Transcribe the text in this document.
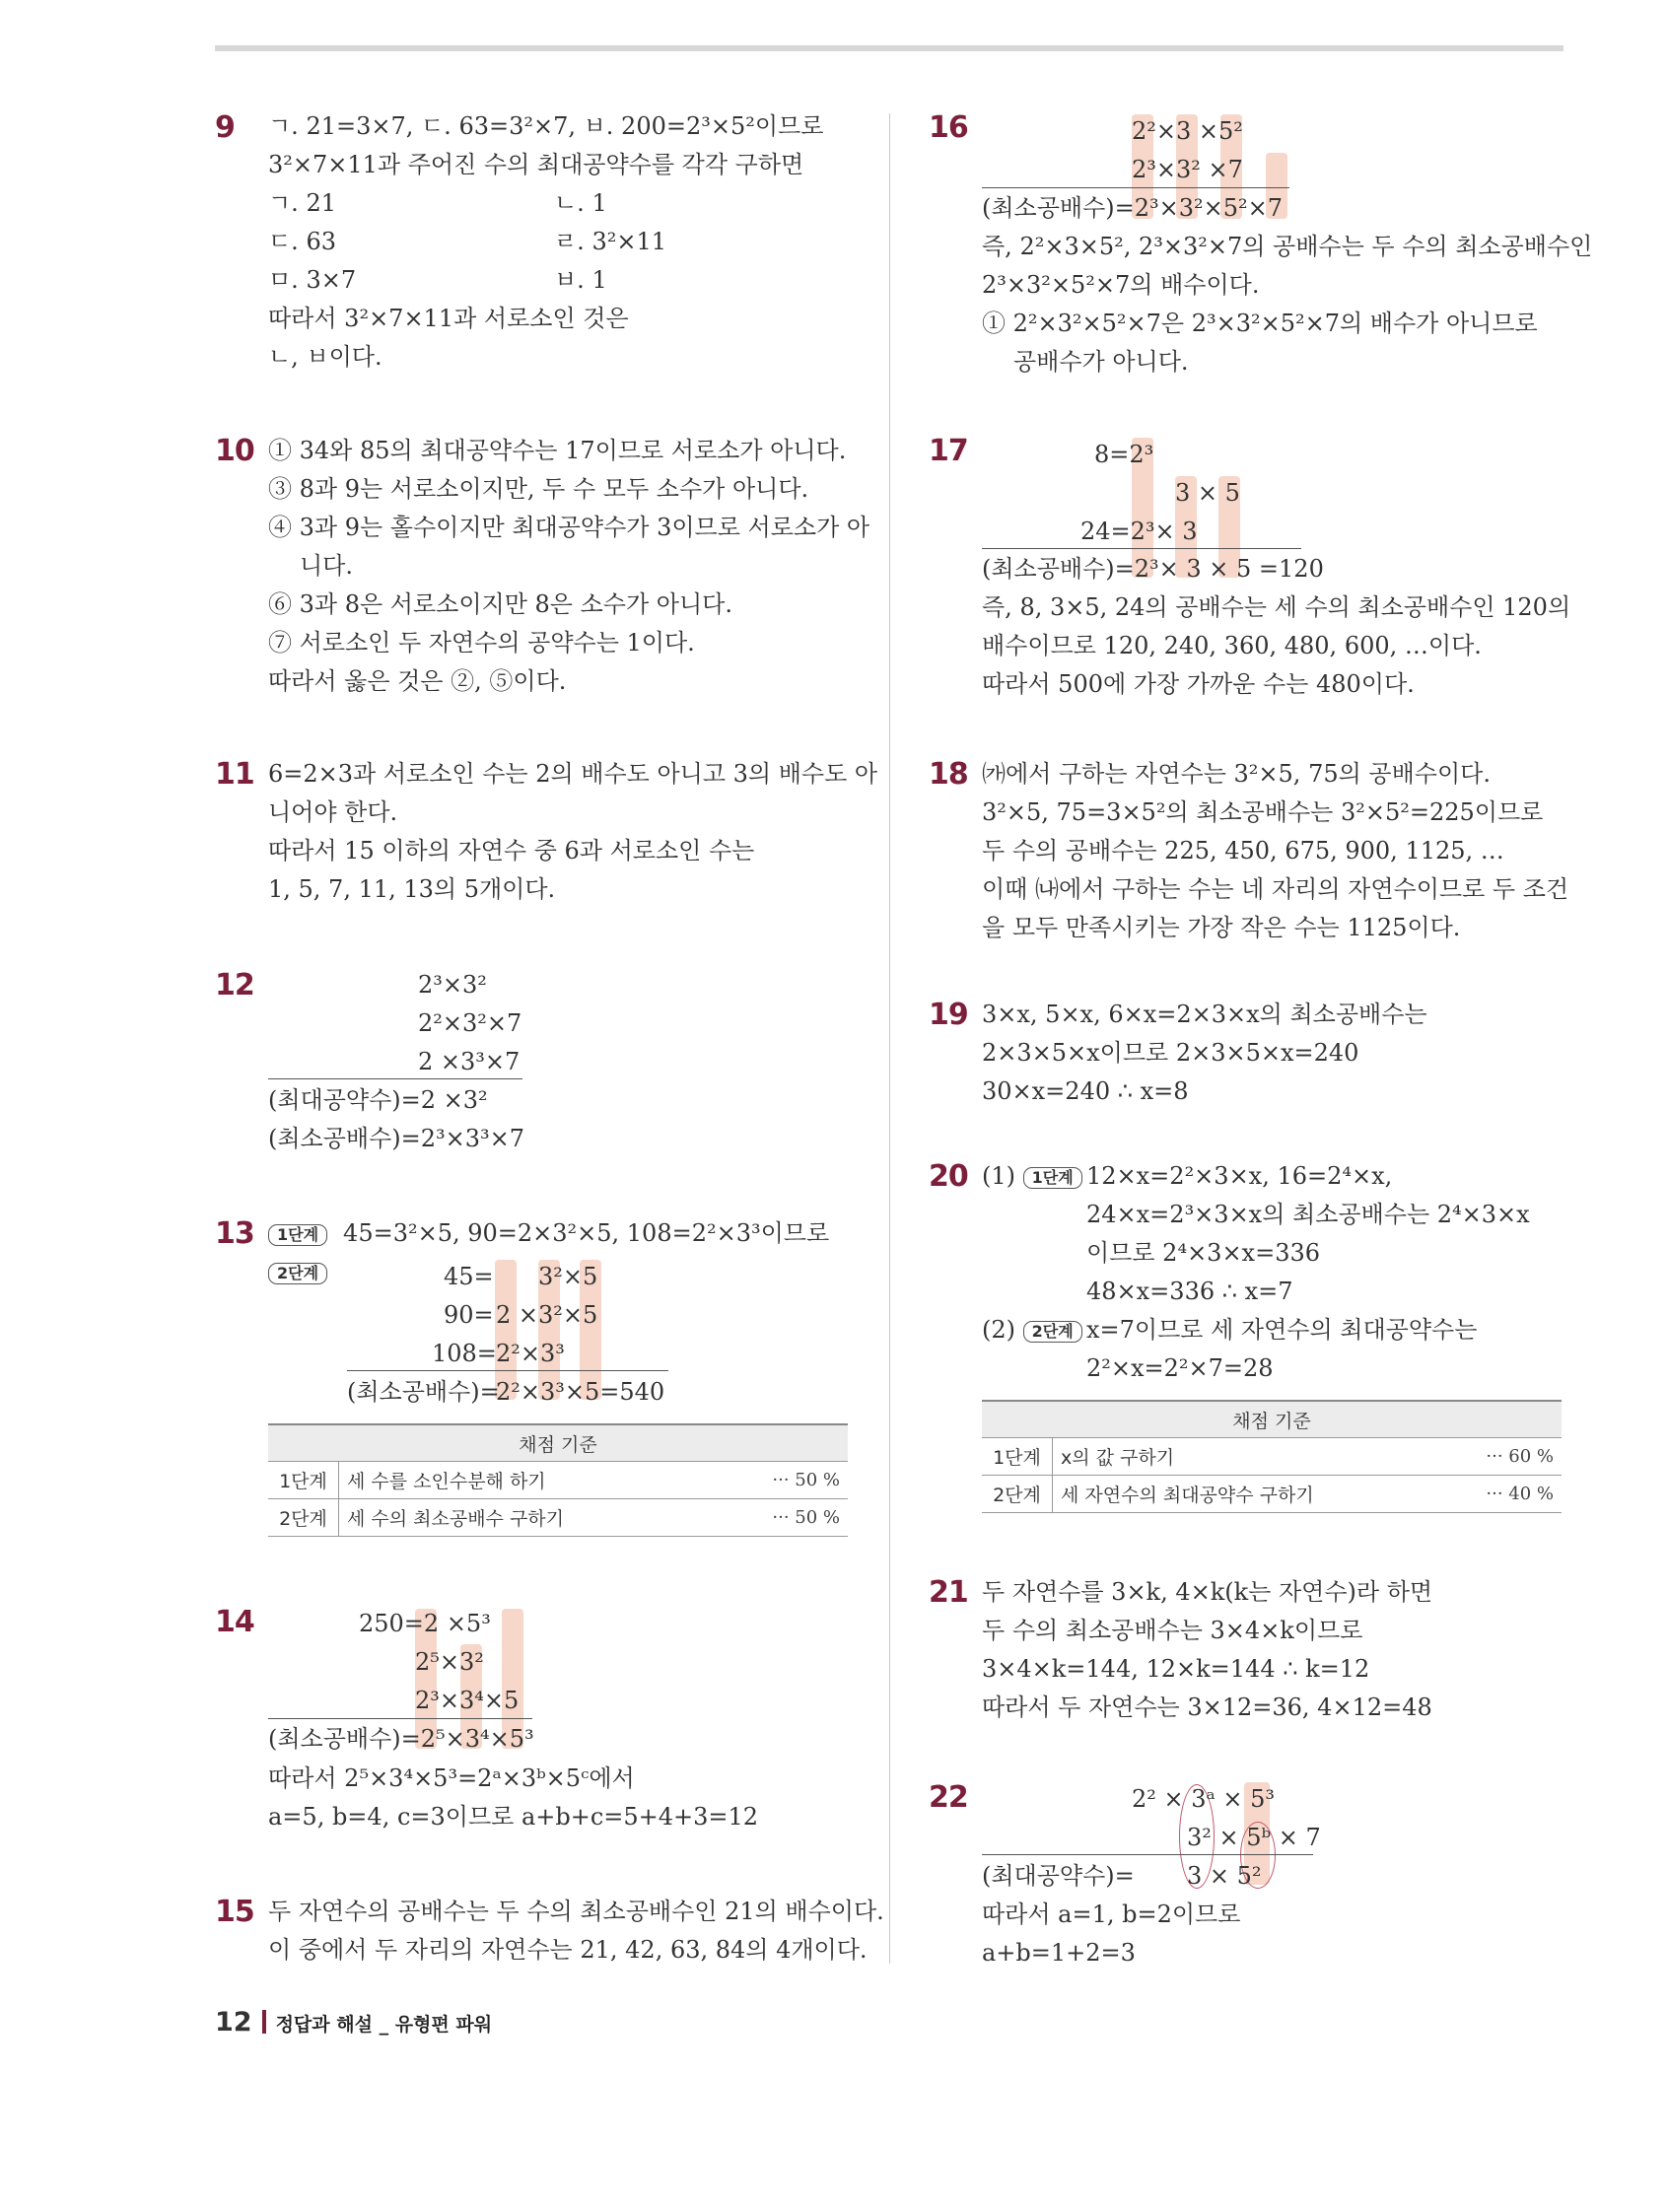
9 ㄱ. 21=3×7, ㄷ. 63=3²×7, ㅂ. 200=2³×5²이므로
3²×7×11과 주어진 수의 최대공약수를 각각 구하면
ㄱ. 21	ㄴ. 1
ㄷ. 63	ㄹ. 3²×11
ㅁ. 3×7	ㅂ. 1
따라서 3²×7×11과 서로소인 것은
ㄴ, ㅂ이다.
10 ① 34와 85의 최대공약수는 17이므로 서로소가 아니다.
③ 8과 9는 서로소이지만, 두 수 모두 소수가 아니다.
④ 3과 9는 홀수이지만 최대공약수가 3이므로 서로소가 아
니다.
⑥ 3과 8은 서로소이지만 8은 소수가 아니다.
⑦ 서로소인 두 자연수의 공약수는 1이다.
따라서 옳은 것은 ②, ⑤이다.
11 6=2×3과 서로소인 수는 2의 배수도 아니고 3의 배수도 아
니어야 한다.
따라서 15 이하의 자연수 중 6과 서로소인 수는
1, 5, 7, 11, 13의 5개이다.
12	2³×3²
2²×3²×7
2 ×3³×7
(최대공약수)=2 ×3²
(최소공배수)=2³×3³×7
13	1단계 45=3²×5, 90=2×3²×5, 108=2²×3³이므로
2단계	45= 3²×5
90= 2 ×3²×5
108= 2²×3³
(최소공배수)=
2²×3³×5=540
채점 기준		
1단계	세 수를 소인수분해 하기	··· 50 %
2단계	세 수의 최소공배수 구하기	··· 50 %
14	250=2 ×5³
2⁵×3²
2³×3⁴×5
(최소공배수)=2⁵×3⁴×5³
따라서 2⁵×3⁴×5³=2ᵃ×3ᵇ×5ᶜ에서
a=5, b=4, c=3이므로 a+b+c=5+4+3=12
15 두 자연수의 공배수는 두 수의 최소공배수인 21의 배수이다.
이 중에서 두 자리의 자연수는 21, 42, 63, 84의 4개이다.
16	2²×3 ×5²
2³×3² ×7
(최소공배수)=2³×3²×5²×7
즉, 2²×3×5², 2³×3²×7의 공배수는 두 수의 최소공배수인
2³×3²×5²×7의 배수이다.
① 2²×3²×5²×7은 2³×3²×5²×7의 배수가 아니므로
공배수가 아니다.
17	8=2³
3 × 5
24=2³× 3
(최소공배수)=2³× 3 × 5 =120
즉, 8, 3×5, 24의 공배수는 세 수의 최소공배수인 120의
배수이므로 120, 240, 360, 480, 600, …이다.
따라서 500에 가장 가까운 수는 480이다.
18 ㈎에서 구하는 자연수는 3²×5, 75의 공배수이다.
3²×5, 75=3×5²의 최소공배수는 3²×5²=225이므로
두 수의 공배수는 225, 450, 675, 900, 1125, …
이때 ㈏에서 구하는 수는 네 자리의 자연수이므로 두 조건
을 모두 만족시키는 가장 작은 수는 1125이다.
19 3×x, 5×x, 6×x=2×3×x의 최소공배수는
2×3×5×x이므로 2×3×5×x=240
30×x=240 ∴ x=8
20 (1) 1단계 12×x=2²×3×x, 16=2⁴×x,
24×x=2³×3×x의 최소공배수는 2⁴×3×x
이므로 2⁴×3×x=336
48×x=336 ∴ x=7
(2) 2단계 x=7이므로 세 자연수의 최대공약수는
2²×x=2²×7=28
채점 기준		
1단계	x의 값 구하기	··· 60 %
2단계	세 자연수의 최대공약수 구하기	··· 40 %
21 두 자연수를 3×k, 4×k(k는 자연수)라 하면
두 수의 최소공배수는 3×4×k이므로
3×4×k=144, 12×k=144 ∴ k=12
따라서 두 자연수는 3×12=36, 4×12=48
22	2² × 3ᵃ × 5³
3² × 5ᵇ × 7
(최대공약수)= 3 × 5²
따라서 a=1, b=2이므로
a+b=1+2=3
12 정답과 해설 _ 유형편 파워
